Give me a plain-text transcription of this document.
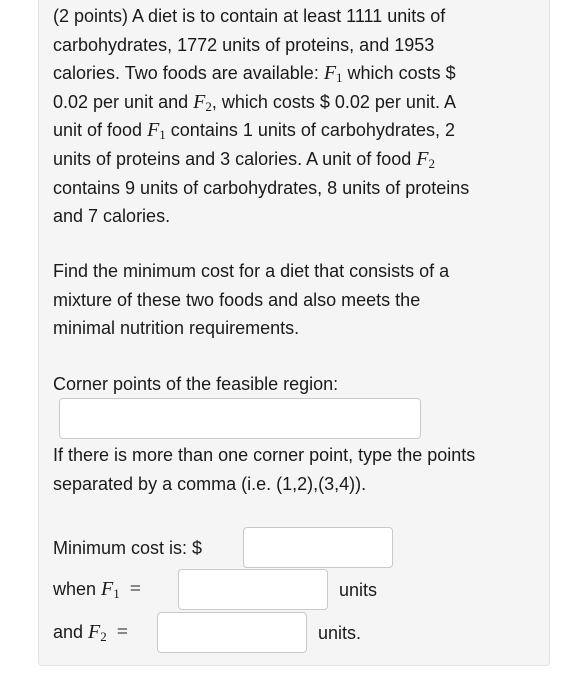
(2 points) A diet is to contain at least 1111 units of
carbohydrates, 1772 units of proteins, and 1953
calories. Two foods are available: $F_1$ which costs $
0.02 per unit and $F_2$, which costs $ 0.02 per unit. A
unit of food $F_1$ contains 1 units of carbohydrates, 2
units of proteins and 3 calories. A unit of food $F_2$
contains 9 units of carbohydrates, 8 units of proteins
and 7 calories.
Find the minimum cost for a diet that consists of a
mixture of these two foods and also meets the
minimal nutrition requirements.
Corner points of the feasible region:
If there is more than one corner point, type the points
separated by a comma (i.e. (1,2),(3,4)).
Minimum cost is: $
when $F_1$ =	units
and $F_2$ =	units.
